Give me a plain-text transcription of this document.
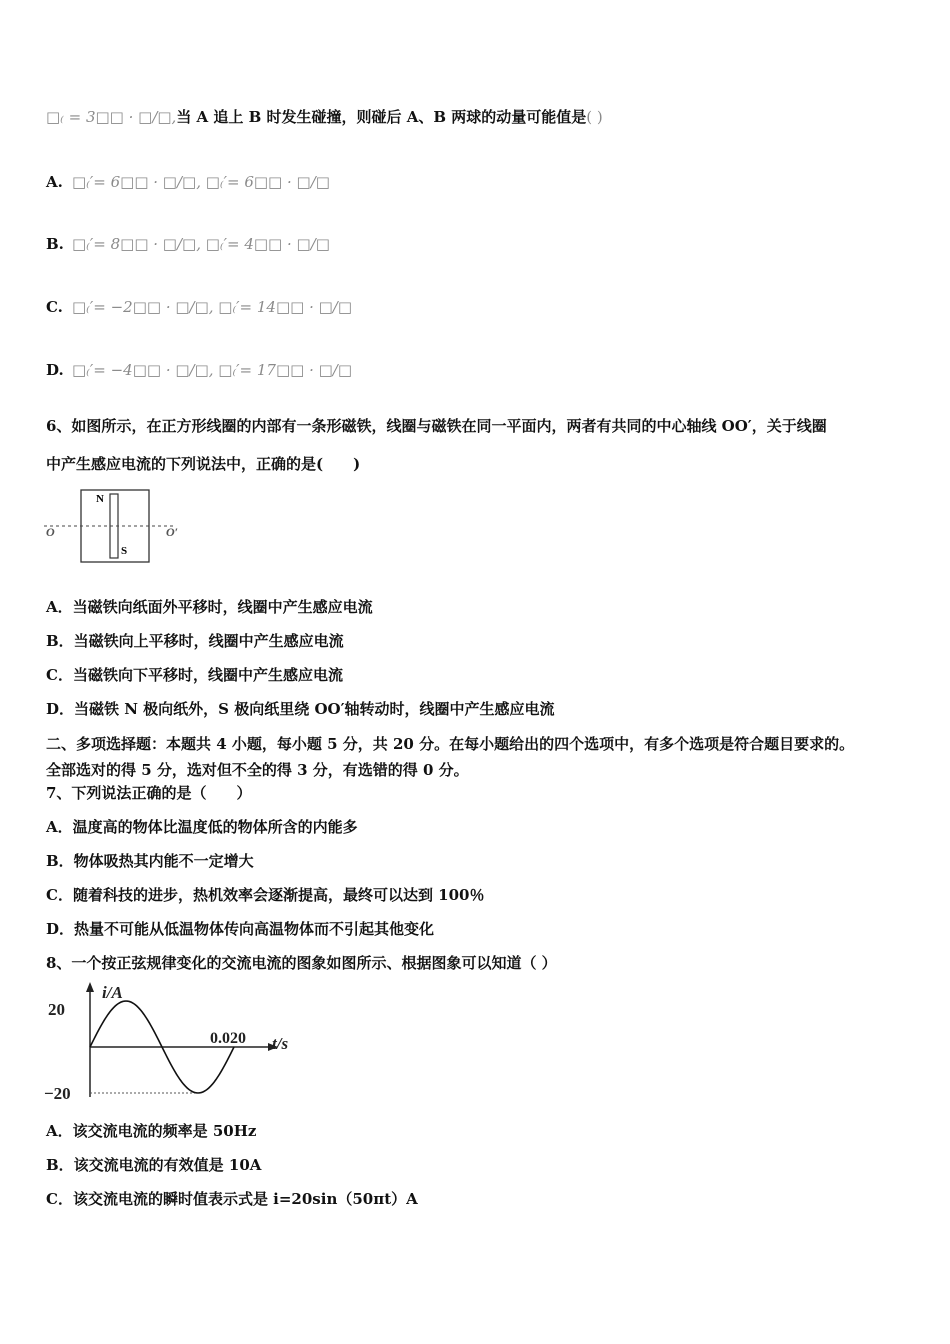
□₍ = 3□□ · □/□,当 A 追上 B 时发生碰撞，则碰后 A、B 两球的动量可能值是( )
A. □₍′= 6□□ · □/□, □₍′= 6□□ · □/□
B. □₍′= 8□□ · □/□, □₍′= 4□□ · □/□
C. □₍′= −2□□ · □/□, □₍′= 14□□ · □/□
D. □₍′= −4□□ · □/□, □₍′= 17□□ · □/□
6、如图所示，在正方形线圈的内部有一条形磁铁，线圈与磁铁在同一平面内，两者有共同的中心轴线 OO′，关于线圈
中产生感应电流的下列说法中，正确的是(　　)
N
S
O	O′
A．当磁铁向纸面外平移时，线圈中产生感应电流
B．当磁铁向上平移时，线圈中产生感应电流
C．当磁铁向下平移时，线圈中产生感应电流
D．当磁铁 N 极向纸外，S 极向纸里绕 OO′轴转动时，线圈中产生感应电流
二、多项选择题：本题共 4 小题，每小题 5 分，共 20 分。在每小题给出的四个选项中，有多个选项是符合题目要求的。
全部选对的得 5 分，选对但不全的得 3 分，有选错的得 0 分。
7、下列说法正确的是（　　）
A．温度高的物体比温度低的物体所含的内能多
B．物体吸热其内能不一定增大
C．随着科技的进步，热机效率会逐渐提高，最终可以达到 100％
D．热量不可能从低温物体传向高温物体而不引起其他变化
8、一个按正弦规律变化的交流电流的图象如图所示、根据图象可以知道（ ）
20
−20
0.020 t/s
i/A
A．该交流电流的频率是 50Hz
B．该交流电流的有效值是 10A
C．该交流电流的瞬时值表示式是 i=20sin（50πt）A
